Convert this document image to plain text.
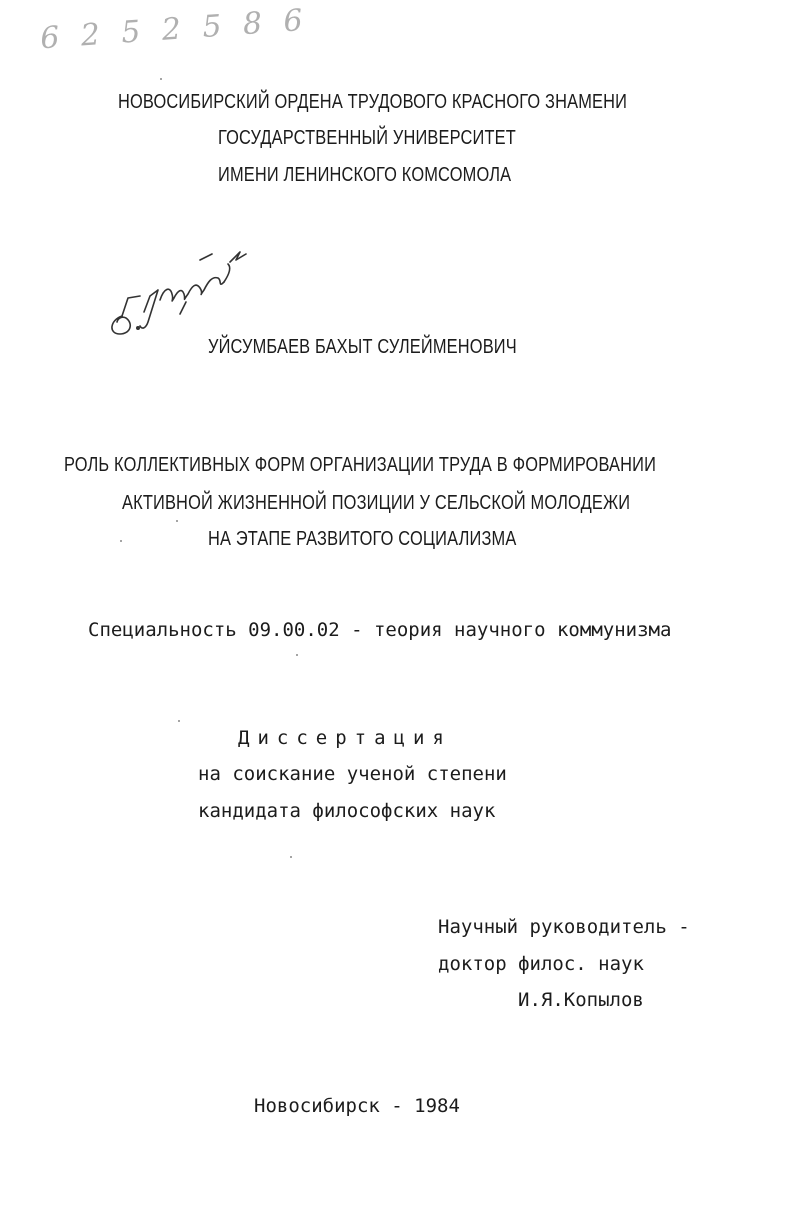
6 2 5 2 5 8 6
НОВОСИБИРСКИЙ ОРДЕНА ТРУДОВОГО КРАСНОГО ЗНАМЕНИ
ГОСУДАРСТВЕННЫЙ УНИВЕРСИТЕТ
ИМЕНИ ЛЕНИНСКОГО КОМСОМОЛА
УЙСУМБАЕВ БАХЫТ СУЛЕЙМЕНОВИЧ
РОЛЬ КОЛЛЕКТИВНЫХ ФОРМ ОРГАНИЗАЦИИ ТРУДА В ФОРМИРОВАНИИ
АКТИВНОЙ ЖИЗНЕННОЙ ПОЗИЦИИ У СЕЛЬСКОЙ МОЛОДЕЖИ
НА ЭТАПЕ РАЗВИТОГО СОЦИАЛИЗМА
Специальность 09.00.02 - теория научного коммунизма
Диссертация
на соискание ученой степени
кандидата философских наук
Научный руководитель -
доктор филос. наук
И.Я.Копылов
Новосибирск - 1984
